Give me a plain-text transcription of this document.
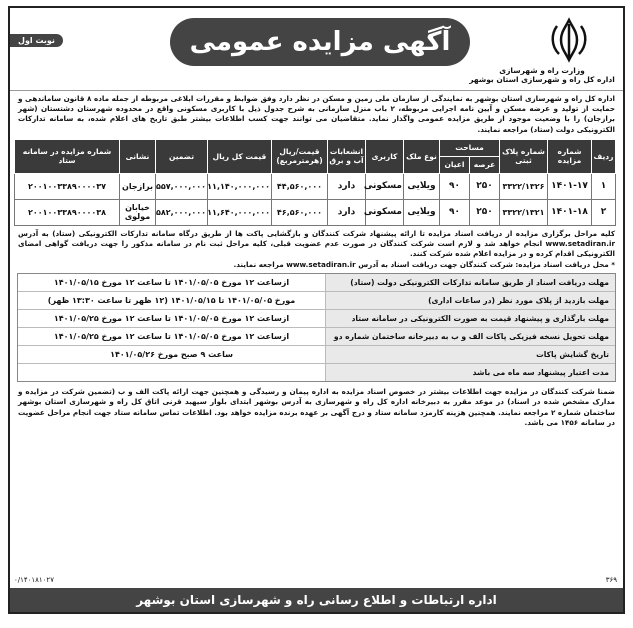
وزارت راه و شهرسازی
اداره کل راه و شهرسازی استان بوشهر
آگهی مزایده عمومی
نوبت اول
اداره کل راه و شهرسازی استان بوشهر به نمایندگی از سازمان ملی زمین و مسکن در نظر دارد وفق ضوابط و مقررات ابلاغی مربوطه از جمله ماده ۸ قانون ساماندهی و حمایت از تولید و عرضه مسکن و آیین نامه اجرایی مربوطه، ۲ باب منزل سازمانی به شرح جدول ذیل با کاربری مسکونی واقع در محدوده شهرستان دشتستان (شهر برازجان) را با وضعیت موجود از طریق مزایده عمومی واگذار نماید. متقاضیان می توانند جهت کسب اطلاعات بیشتر طبق تاریخ های اعلام شده، به سامانه تدارکات الکترونیکی دولت (ستاد) مراجعه نمایند.
ردیف	شماره مزایده	شماره پلاک ثبتی	مساحت		نوع ملک	کاربری	انشعابات آب و برق	قیمت/ریال (هرمترمربع)	قیمت کل ریال	تضمین	نشانی	شماره مزایده در سامانه ستاد
			عرصه	اعیان								
۱	۱۴۰۱-۱۷	۳۳۲۲/۱۳۲۶	۲۵۰	۹۰	ویلایی	مسکونی	دارد	۴۴,۵۶۰,۰۰۰	۱۱,۱۴۰,۰۰۰,۰۰۰	۵۵۷,۰۰۰,۰۰۰	برازجان	۲۰۰۱۰۰۳۳۸۹۰۰۰۰۳۷
۲	۱۴۰۱-۱۸	۳۳۲۲/۱۳۲۱	۲۵۰	۹۰	ویلایی	مسکونی	دارد	۴۶,۵۶۰,۰۰۰	۱۱,۶۴۰,۰۰۰,۰۰۰	۵۸۲,۰۰۰,۰۰۰	خیابان مولوی	۲۰۰۱۰۰۳۳۸۹۰۰۰۰۳۸
کلیه مراحل برگزاری مزایده از دریافت اسناد مزایده تا ارائه پیشنهاد شرکت کنندگان و بازگشایی پاکت ها از طریق درگاه سامانه تدارکات الکترونیکی (ستاد) به آدرس www.setadiran.ir انجام خواهد شد و لازم است شرکت کنندگان در صورت عدم عضویت قبلی، کلیه مراحل ثبت نام در سامانه مذکور را جهت دریافت گواهی امضای الکترونیکی اقدام کرده و در مزایده اعلام شده شرکت کنند.
* محل دریافت اسناد مزایده: شرکت کنندگان جهت دریافت اسناد به آدرس www.setadiran.ir مراجعه نمایند.
مهلت دریافت اسناد از طریق سامانه تدارکات الکترونیکی دولت (ستاد)
ازساعت ۱۲ مورخ ۱۴۰۱/۰۵/۰۵ تا ساعت ۱۲ مورخ ۱۴۰۱/۰۵/۱۵
مهلت بازدید از پلاک مورد نظر (در ساعات اداری)
مورخ ۱۴۰۱/۰۵/۰۵ تا ۱۴۰۱/۰۵/۱۵ (۱۲ ظهر تا ساعت ۱۳:۳۰ ظهر)
مهلت بارگذاری و پیشنهاد قیمت به صورت الکترونیکی در سامانه ستاد
ازساعت ۱۲ مورخ ۱۴۰۱/۰۵/۰۵ تا ساعت ۱۲ مورخ ۱۴۰۱/۰۵/۲۵
مهلت تحویل نسخه فیزیکی پاکات الف و ب به دبیرخانه ساختمان شماره دو
ازساعت ۱۲ مورخ ۱۴۰۱/۰۵/۰۵ تا ساعت ۱۲ مورخ ۱۴۰۱/۰۵/۲۵
تاریخ گشایش پاکات
ساعت ۹ صبح مورخ ۱۴۰۱/۰۵/۲۶
مدت اعتبار پیشنهاد سه ماه می باشد
ضمنا شرکت کنندگان در مزایده جهت اطلاعات بیشتر در خصوص اسناد مزایده به اداره پیمان و رسیدگی و همچنین جهت ارائه پاکت الف و ب (تضمین شرکت در مزایده و مدارک مشخص شده در اسناد) در موعد مقرر به دبیرخانه اداره کل راه و شهرسازی به آدرس بوشهر ابتدای بلوار سیهبد قرنی اتاق کل راه و شهرسازی استان بوشهر ساختمان شماره ۲ مراجعه نمایند. همچنین هزینه کارمزد سامانه ستاد و درج آگهی بر عهده برنده مزایده خواهد بود. اطلاعات تماس سامانه ستاد جهت انجام مراحل عضویت در سامانه ۱۴۵۶ می باشد.
۰/۱۴۰۱۸۱۰۲۷	۳۶۹
اداره ارتباطات و اطلاع رسانی راه و شهرسازی استان بوشهر
